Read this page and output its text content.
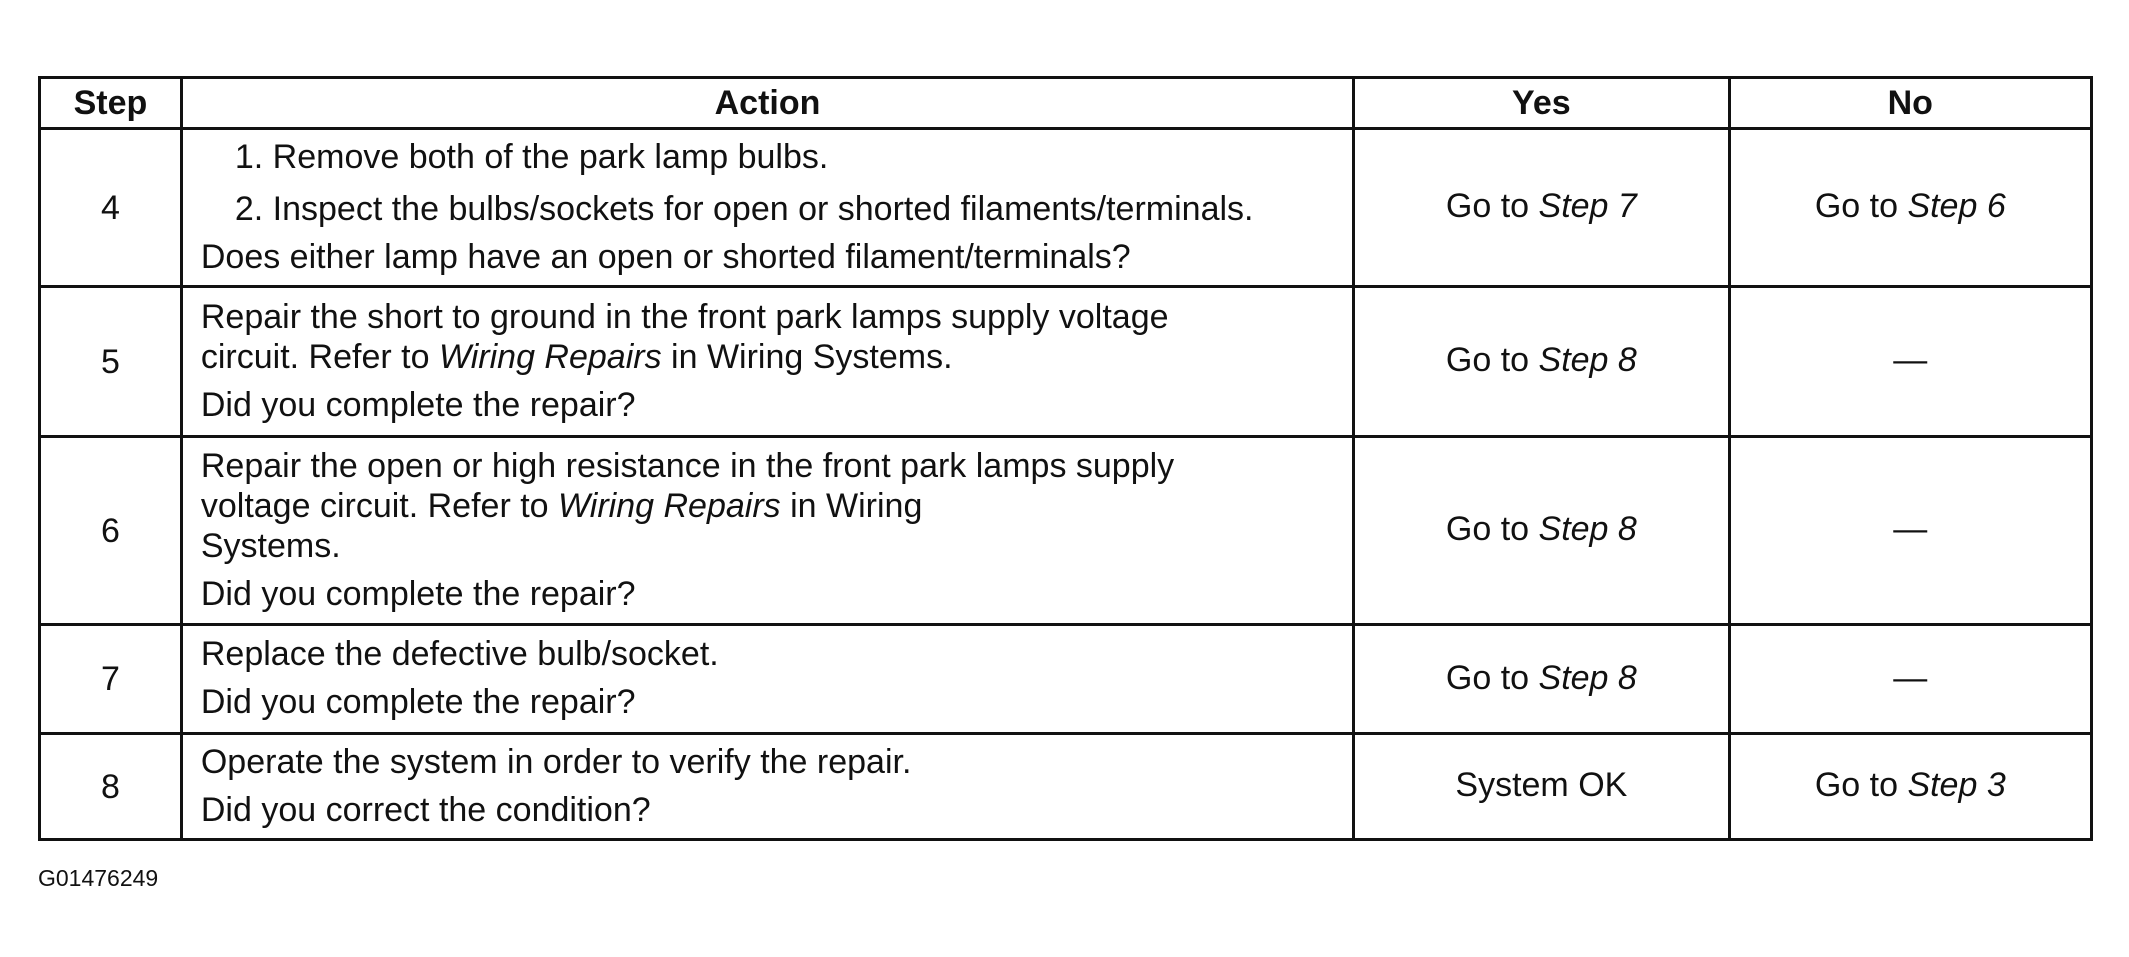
Step	Action	Yes	No
4	1. Remove both of the park lamp bulbs.
2. Inspect the bulbs/sockets for open or shorted filaments/terminals.
Does either lamp have an open or shorted filament/terminals?	Go to Step 7	Go to Step 6
5	Repair the short to ground in the front park lamps supply voltage
circuit. Refer to Wiring Repairs in Wiring Systems.
Did you complete the repair?	Go to Step 8	—
6	Repair the open or high resistance in the front park lamps supply
voltage circuit. Refer to Wiring Repairs in Wiring
Systems.
Did you complete the repair?	Go to Step 8	—
7	Replace the defective bulb/socket.
Did you complete the repair?	Go to Step 8	—
8	Operate the system in order to verify the repair.
Did you correct the condition?	System OK	Go to Step 3
G01476249
